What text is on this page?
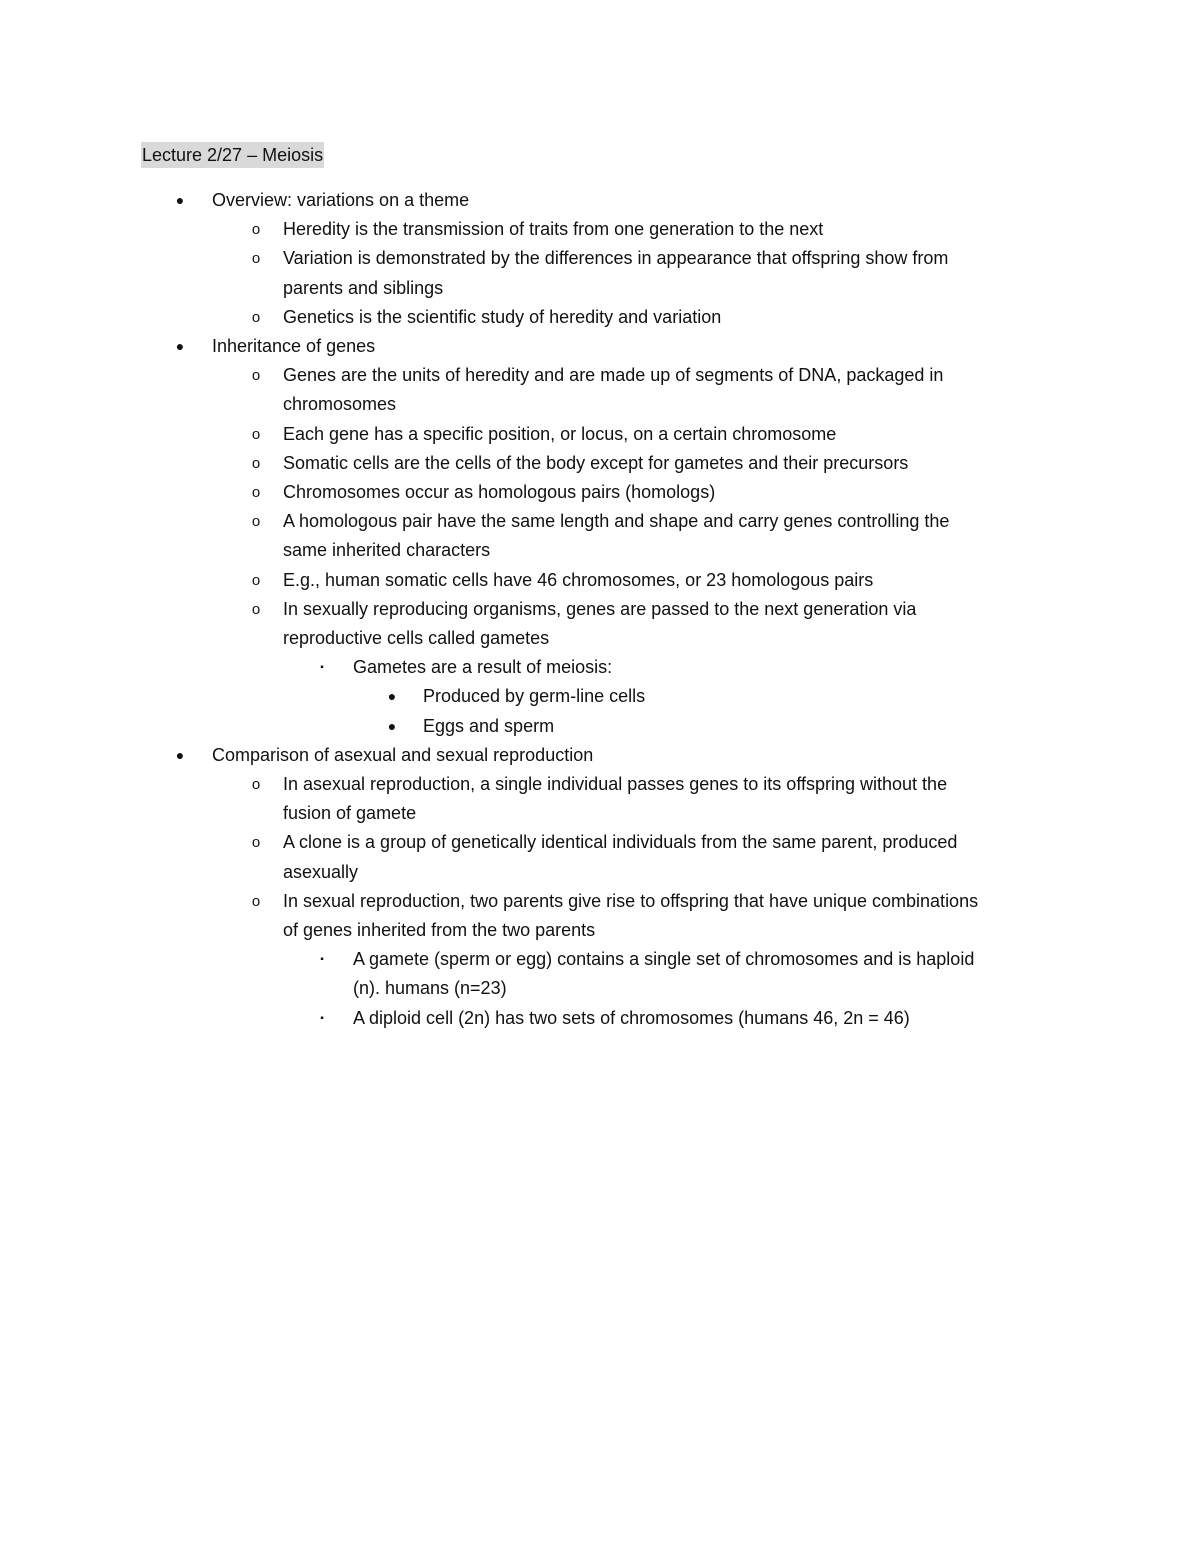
Lecture 2/27 – Meiosis
●	Overview: variations on a theme
o	Heredity is the transmission of traits from one generation to the next
o	Variation is demonstrated by the differences in appearance that offspring show from
parents and siblings
o	Genetics is the scientific study of heredity and variation
●	Inheritance of genes
o	Genes are the units of heredity and are made up of segments of DNA, packaged in
chromosomes
o	Each gene has a specific position, or locus, on a certain chromosome
o	Somatic cells are the cells of the body except for gametes and their precursors
o	Chromosomes occur as homologous pairs (homologs)
o	A homologous pair have the same length and shape and carry genes controlling the
same inherited characters
o	E.g., human somatic cells have 46 chromosomes, or 23 homologous pairs
o	In sexually reproducing organisms, genes are passed to the next generation via
reproductive cells called gametes
▪	Gametes are a result of meiosis:
●	Produced by germ-line cells
●	Eggs and sperm
●	Comparison of asexual and sexual reproduction
o	In asexual reproduction, a single individual passes genes to its offspring without the
fusion of gamete
o	A clone is a group of genetically identical individuals from the same parent, produced
asexually
o	In sexual reproduction, two parents give rise to offspring that have unique combinations
of genes inherited from the two parents
▪	A gamete (sperm or egg) contains a single set of chromosomes and is haploid
(n). humans (n=23)
▪	A diploid cell (2n) has two sets of chromosomes (humans 46, 2n = 46)
